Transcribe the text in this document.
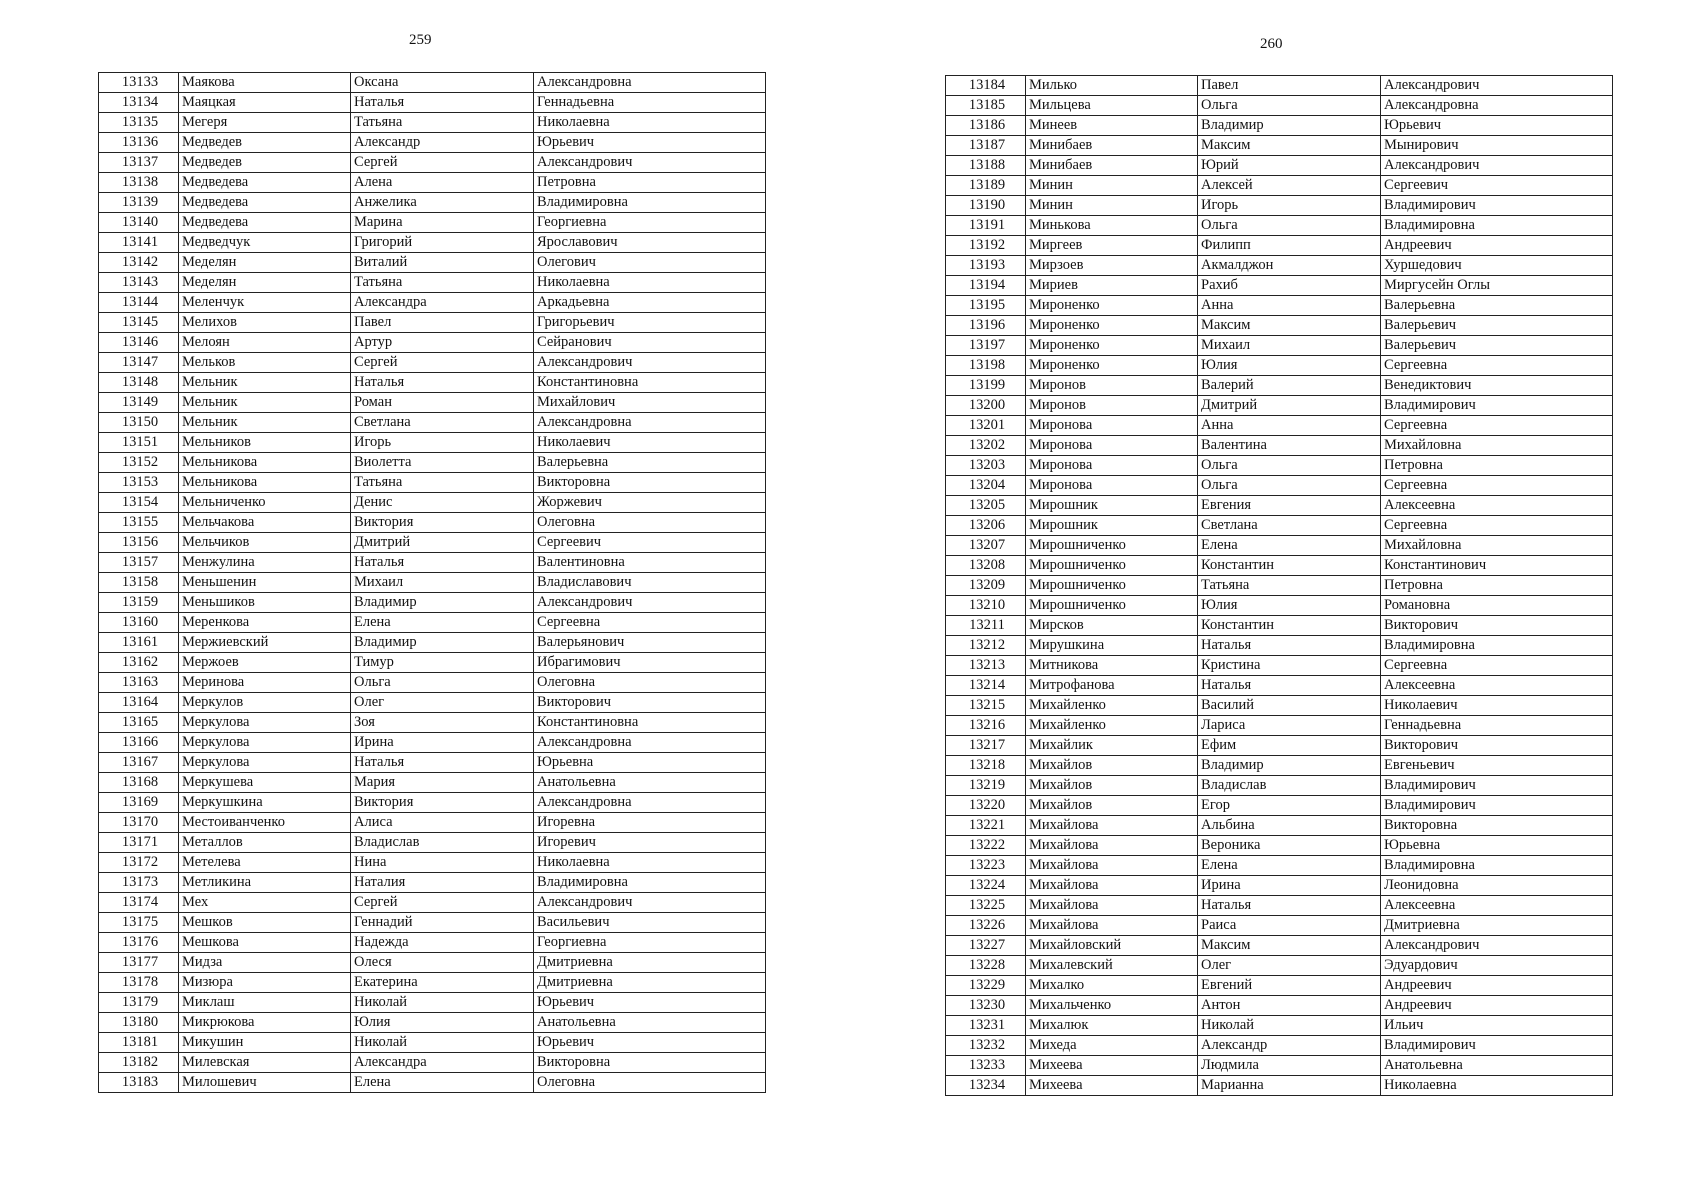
259	260
13133	Маякова	Оксана	Александровна
13134	Маяцкая	Наталья	Геннадьевна
13135	Мегеря	Татьяна	Николаевна
13136	Медведев	Александр	Юрьевич
13137	Медведев	Сергей	Александрович
13138	Медведева	Алена	Петровна
13139	Медведева	Анжелика	Владимировна
13140	Медведева	Марина	Георгиевна
13141	Медведчук	Григорий	Ярославович
13142	Меделян	Виталий	Олегович
13143	Меделян	Татьяна	Николаевна
13144	Меленчук	Александра	Аркадьевна
13145	Мелихов	Павел	Григорьевич
13146	Мелоян	Артур	Сейранович
13147	Мельков	Сергей	Александрович
13148	Мельник	Наталья	Константиновна
13149	Мельник	Роман	Михайлович
13150	Мельник	Светлана	Александровна
13151	Мельников	Игорь	Николаевич
13152	Мельникова	Виолетта	Валерьевна
13153	Мельникова	Татьяна	Викторовна
13154	Мельниченко	Денис	Жоржевич
13155	Мельчакова	Виктория	Олеговна
13156	Мельчиков	Дмитрий	Сергеевич
13157	Менжулина	Наталья	Валентиновна
13158	Меньшенин	Михаил	Владиславович
13159	Меньшиков	Владимир	Александрович
13160	Меренкова	Елена	Сергеевна
13161	Мержиевский	Владимир	Валерьянович
13162	Мержоев	Тимур	Ибрагимович
13163	Меринова	Ольга	Олеговна
13164	Меркулов	Олег	Викторович
13165	Меркулова	Зоя	Константиновна
13166	Меркулова	Ирина	Александровна
13167	Меркулова	Наталья	Юрьевна
13168	Меркушева	Мария	Анатольевна
13169	Меркушкина	Виктория	Александровна
13170	Местоиванченко	Алиса	Игоревна
13171	Металлов	Владислав	Игоревич
13172	Метелева	Нина	Николаевна
13173	Метликина	Наталия	Владимировна
13174	Мех	Сергей	Александрович
13175	Мешков	Геннадий	Васильевич
13176	Мешкова	Надежда	Георгиевна
13177	Мидза	Олеся	Дмитриевна
13178	Мизюра	Екатерина	Дмитриевна
13179	Миклаш	Николай	Юрьевич
13180	Микрюкова	Юлия	Анатольевна
13181	Микушин	Николай	Юрьевич
13182	Милевская	Александра	Викторовна
13183	Милошевич	Елена	Олеговна
13184	Милько	Павел	Александрович
13185	Мильцева	Ольга	Александровна
13186	Минеев	Владимир	Юрьевич
13187	Минибаев	Максим	Мынирович
13188	Минибаев	Юрий	Александрович
13189	Минин	Алексей	Сергеевич
13190	Минин	Игорь	Владимирович
13191	Минькова	Ольга	Владимировна
13192	Миргеев	Филипп	Андреевич
13193	Мирзоев	Акмалджон	Хуршедович
13194	Мириев	Рахиб	Миргусейн Оглы
13195	Мироненко	Анна	Валерьевна
13196	Мироненко	Максим	Валерьевич
13197	Мироненко	Михаил	Валерьевич
13198	Мироненко	Юлия	Сергеевна
13199	Миронов	Валерий	Венедиктович
13200	Миронов	Дмитрий	Владимирович
13201	Миронова	Анна	Сергеевна
13202	Миронова	Валентина	Михайловна
13203	Миронова	Ольга	Петровна
13204	Миронова	Ольга	Сергеевна
13205	Мирошник	Евгения	Алексеевна
13206	Мирошник	Светлана	Сергеевна
13207	Мирошниченко	Елена	Михайловна
13208	Мирошниченко	Константин	Константинович
13209	Мирошниченко	Татьяна	Петровна
13210	Мирошниченко	Юлия	Романовна
13211	Мирсков	Константин	Викторович
13212	Мирушкина	Наталья	Владимировна
13213	Митникова	Кристина	Сергеевна
13214	Митрофанова	Наталья	Алексеевна
13215	Михайленко	Василий	Николаевич
13216	Михайленко	Лариса	Геннадьевна
13217	Михайлик	Ефим	Викторович
13218	Михайлов	Владимир	Евгеньевич
13219	Михайлов	Владислав	Владимирович
13220	Михайлов	Егор	Владимирович
13221	Михайлова	Альбина	Викторовна
13222	Михайлова	Вероника	Юрьевна
13223	Михайлова	Елена	Владимировна
13224	Михайлова	Ирина	Леонидовна
13225	Михайлова	Наталья	Алексеевна
13226	Михайлова	Раиса	Дмитриевна
13227	Михайловский	Максим	Александрович
13228	Михалевский	Олег	Эдуардович
13229	Михалко	Евгений	Андреевич
13230	Михальченко	Антон	Андреевич
13231	Михалюк	Николай	Ильич
13232	Михеда	Александр	Владимирович
13233	Михеева	Людмила	Анатольевна
13234	Михеева	Марианна	Николаевна
